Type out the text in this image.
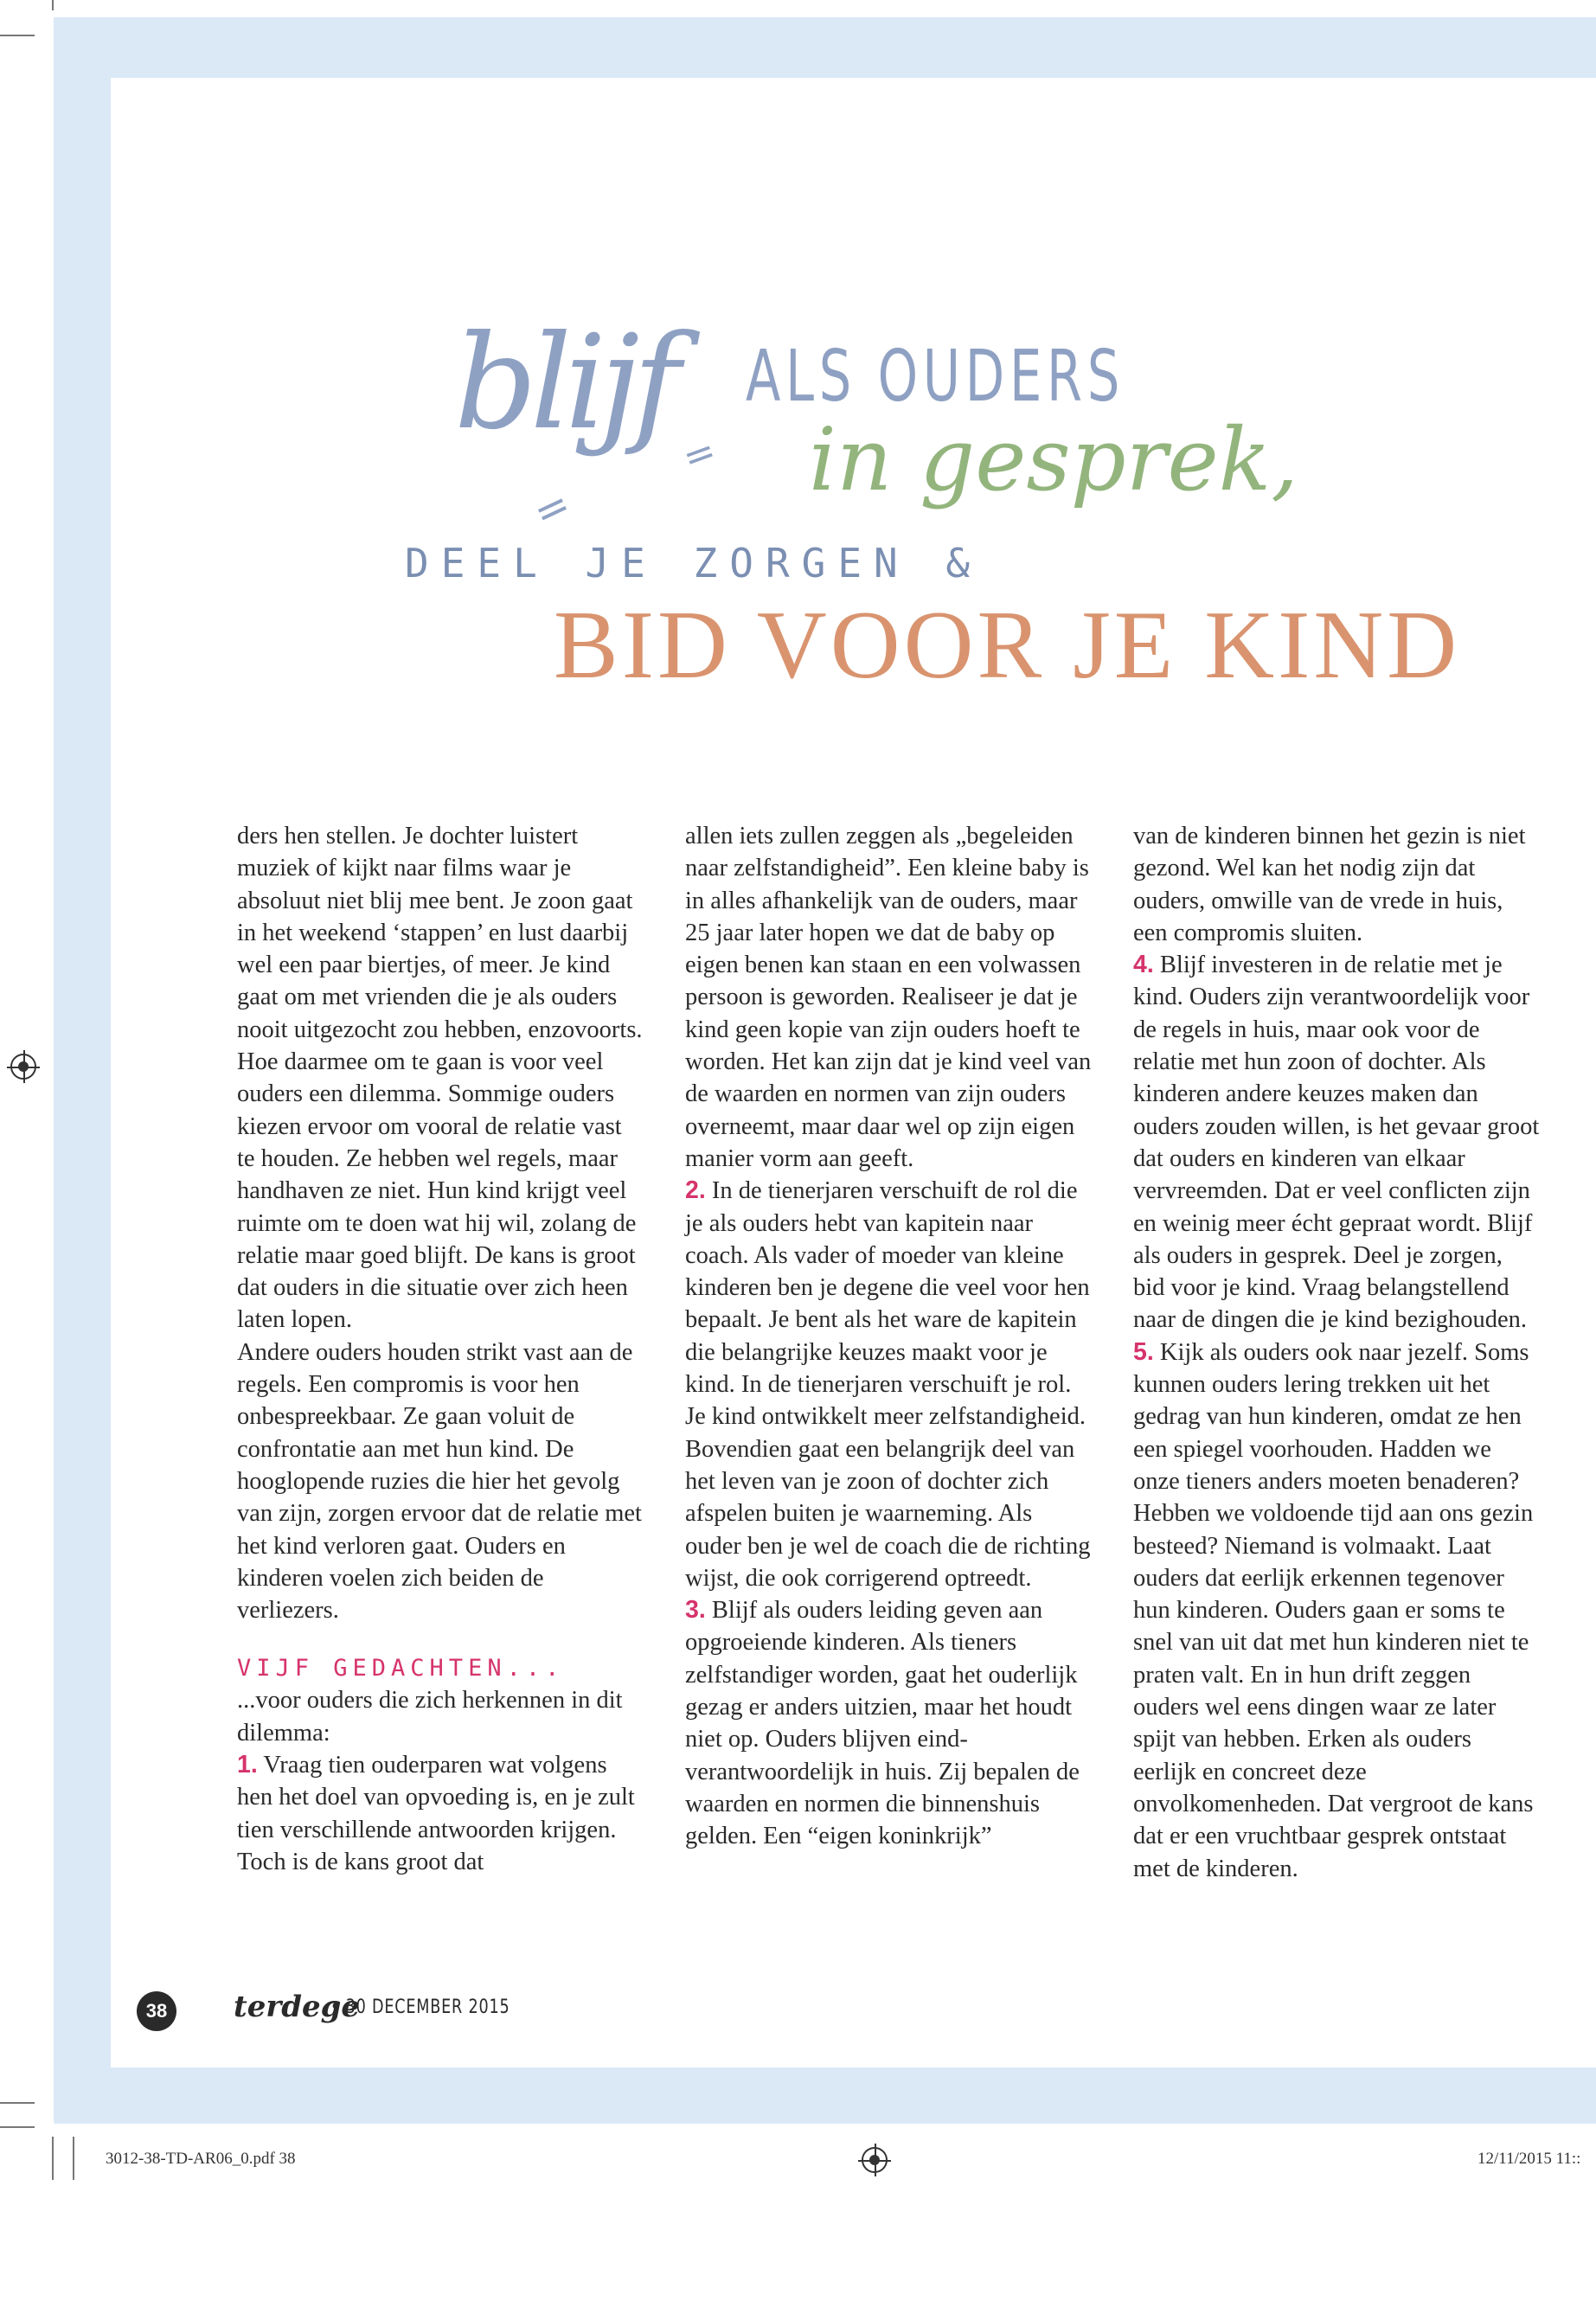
blijf =
=
ALS OUDERS
in gesprek,
DEEL JE ZORGEN &
BID VOOR JE KIND

ders hen stellen. Je dochter luistert muziek of kijkt naar films waar je absoluut niet blij mee bent. Je zoon gaat in het weekend ‘stappen’ en lust daarbij wel een paar biertjes, of meer. Je kind gaat om met vrienden die je als ouders nooit uitgezocht zou hebben, enzovoorts.

Hoe daarmee om te gaan is voor veel ouders een dilemma. Sommige ouders kiezen ervoor om vooral de relatie vast te houden. Ze hebben wel regels, maar handhaven ze niet. Hun kind krijgt veel ruimte om te doen wat hij wil, zolang de relatie maar goed blijft. De kans is groot dat ouders in die situatie over zich heen laten lopen.

Andere ouders houden strikt vast aan de regels. Een compromis is voor hen onbespreekbaar. Ze gaan voluit de confrontatie aan met hun kind. De hooglopende ruzies die hier het gevolg van zijn, zorgen ervoor dat de relatie met het kind verloren gaat. Ouders en kinderen voelen zich beiden de verliezers.

VIJF GEDACHTEN...

...voor ouders die zich herkennen in dit dilemma:

1. Vraag tien ouderparen wat volgens hen het doel van opvoeding is, en je zult tien verschillende antwoorden krijgen. Toch is de kans groot dat

allen iets zullen zeggen als „begeleiden naar zelfstandigheid”. Een kleine baby is in alles afhankelijk van de ouders, maar 25 jaar later hopen we dat de baby op eigen benen kan staan en een volwassen persoon is geworden. Realiseer je dat je kind geen kopie van zijn ouders hoeft te worden. Het kan zijn dat je kind veel van de waarden en normen van zijn ouders overneemt, maar daar wel op zijn eigen manier vorm aan geeft.

2. In de tienerjaren verschuift de rol die je als ouders hebt van kapitein naar coach. Als vader of moeder van kleine kinderen ben je degene die veel voor hen bepaalt. Je bent als het ware de kapitein die belangrijke keuzes maakt voor je kind. In de tienerjaren verschuift je rol. Je kind ontwikkelt meer zelfstandigheid. Bovendien gaat een belangrijk deel van het leven van je zoon of dochter zich afspelen buiten je waarneming. Als ouder ben je wel de coach die de richting wijst, die ook corrigerend optreedt.

3. Blijf als ouders leiding geven aan opgroeiende kinderen. Als tieners zelfstandiger worden, gaat het ouderlijk gezag er anders uitzien, maar het houdt niet op. Ouders blijven eindverantwoordelijk in huis. Zij bepalen de waarden en normen die binnenshuis gelden. Een “eigen koninkrijk”

van de kinderen binnen het gezin is niet gezond. Wel kan het nodig zijn dat ouders, omwille van de vrede in huis, een compromis sluiten.

4. Blijf investeren in de relatie met je kind. Ouders zijn verantwoordelijk voor de regels in huis, maar ook voor de relatie met hun zoon of dochter. Als kinderen andere keuzes maken dan ouders zouden willen, is het gevaar groot dat ouders en kinderen van elkaar vervreemden. Dat er veel conflicten zijn en weinig meer écht gepraat wordt. Blijf als ouders in gesprek. Deel je zorgen, bid voor je kind. Vraag belangstellend naar de dingen die je kind bezighouden.

5. Kijk als ouders ook naar jezelf. Soms kunnen ouders lering trekken uit het gedrag van hun kinderen, omdat ze hen een spiegel voorhouden. Hadden we onze tieners anders moeten benaderen? Hebben we voldoende tijd aan ons gezin besteed? Niemand is volmaakt. Laat ouders dat eerlijk erkennen tegenover hun kinderen. Ouders gaan er soms te snel van uit dat met hun kinderen niet te praten valt. En in hun drift zeggen ouders wel eens dingen waar ze later spijt van hebben. Erken als ouders eerlijk en concreet deze onvolkomenheden. Dat vergroot de kans dat er een vruchtbaar gesprek ontstaat met de kinderen.

38	terdege
• 30 DECEMBER 2015
3012-38-TD-AR06_0.pdf 38	12/11/2015 11::
